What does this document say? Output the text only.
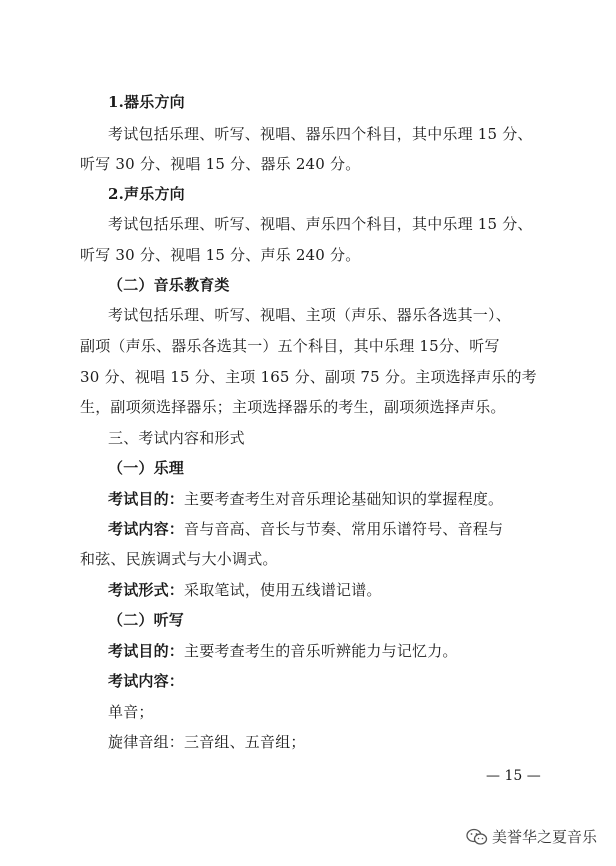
1.器乐方向
考试包括乐理、听写、视唱、器乐四个科目，其中乐理 15 分、
听写 30 分、视唱 15 分、器乐 240 分。
2.声乐方向
考试包括乐理、听写、视唱、声乐四个科目，其中乐理 15 分、
听写 30 分、视唱 15 分、声乐 240 分。
（二）音乐教育类
考试包括乐理、听写、视唱、主项（声乐、器乐各选其一）、
副项（声乐、器乐各选其一）五个科目，其中乐理 15分、听写
30 分、视唱 15 分、主项 165 分、副项 75 分。主项选择声乐的考
生，副项须选择器乐；主项选择器乐的考生，副项须选择声乐。
三、考试内容和形式
（一）乐理
考试目的：主要考查考生对音乐理论基础知识的掌握程度。
考试内容：音与音高、音长与节奏、常用乐谱符号、音程与
和弦、民族调式与大小调式。
考试形式：采取笔试，使用五线谱记谱。
（二）听写
考试目的：主要考查考生的音乐听辨能力与记忆力。
考试内容：
单音；
旋律音组：三音组、五音组；
— 15 —
美誉华之夏音乐
